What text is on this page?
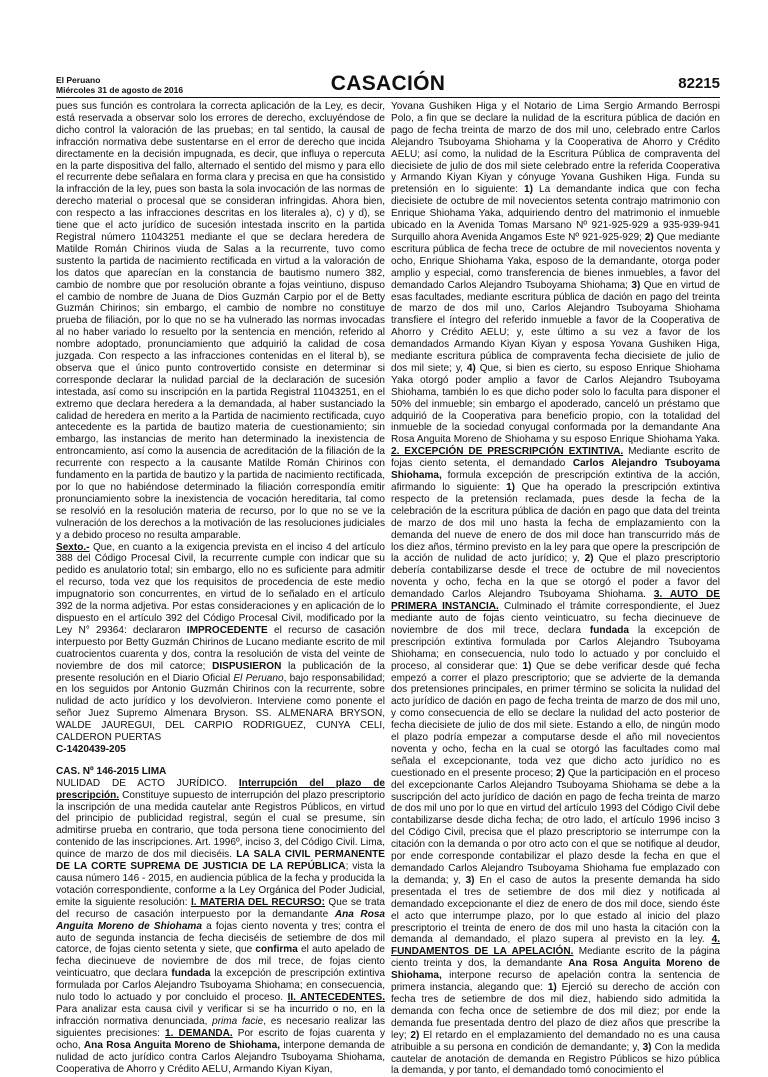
El Peruano
Miércoles 31 de agosto de 2016	CASACIÓN	82215

pues sus función es controlara la correcta aplicación de la Ley, es decir, está reservada a observar solo los errores de derecho, excluyéndose de dicho control la valoración de las pruebas; en tal sentido, la causal de infracción normativa debe sustentarse en el error de derecho que incida directamente en la decisión impugnada, es decir, que influya o repercuta en la parte dispositiva del fallo, alternado el sentido del mismo y para ello el recurrente debe señalara en forma clara y precisa en que ha consistido la infracción de la ley, pues son basta la sola invocación de las normas de derecho material o procesal que se consideran infringidas. Ahora bien, con respecto a las infracciones descritas en los literales a), c) y d), se tiene que el acto jurídico de sucesión intestada inscrito en la partida Registral número 11043251 mediante el que se declara heredera de Matilde Román Chirinos viuda de Salas a la recurrente, tuvo como sustento la partida de nacimiento rectificada en virtud a la valoración de los datos que aparecían en la constancia de bautismo numero 382, cambio de nombre que por resolución obrante a fojas veintiuno, dispuso el cambio de nombre de Juana de Dios Guzmán Carpio por el de Betty Guzmán Chirinos; sin embargo, el cambio de nombre no constituye prueba de filiación, por lo que no se ha vulnerado las normas invocadas al no haber variado lo resuelto por la sentencia en mención, referido al nombre adoptado, pronunciamiento que adquirió la calidad de cosa juzgada. Con respecto a las infracciones contenidas en el literal b), se observa que el único punto controvertido consiste en determinar si corresponde declarar la nulidad parcial de la declaración de sucesión intestada, así como su inscripción en la partida Registral 11043251, en el extremo que declara heredera a la demandada, al haber sustanciado la calidad de heredera en merito a la Partida de nacimiento rectificada, cuyo antecedente es la partida de bautizo materia de cuestionamiento; sin embargo, las instancias de merito han determinado la inexistencia de entroncamiento, así como la ausencia de acreditación de la filiación de la recurrente con respecto a la causante Matilde Román Chirinos con fundamento en la partida de bautizo y la partida de nacimiento rectificada, por lo que no habiéndose determinado la filiación correspondía emitir pronunciamiento sobre la inexistencia de vocación hereditaria, tal como se resolvió en la resolución materia de recurso, por lo que no se ve la vulneración de los derechos a la motivación de las resoluciones judiciales y a debido proceso no resulta amparable.

Sexto.- Que, en cuanto a la exigencia prevista en el inciso 4 del artículo 388 del Código Procesal Civil, la recurrente cumple con indicar que su pedido es anulatorio total; sin embargo, ello no es suficiente para admitir el recurso, toda vez que los requisitos de procedencia de este medio impugnatorio son concurrentes, en virtud de lo señalado en el artículo 392 de la norma adjetiva. Por estas consideraciones y en aplicación de lo dispuesto en el artículo 392 del Código Procesal Civil, modificado por la Ley N° 29364: declararon IMPROCEDENTE el recurso de casación interpuesto por Betty Guzmán Chirinos de Lucano mediante escrito de mil cuatrocientos cuarenta y dos, contra la resolución de vista del veinte de noviembre de dos mil catorce; DISPUSIERON la publicación de la presente resolución en el Diario Oficial El Peruano, bajo responsabilidad; en los seguidos por Antonio Guzmán Chirinos con la recurrente, sobre nulidad de acto jurídico y los devolvieron. Interviene como ponente el señor Juez Supremo Almenara Bryson. SS. ALMENARA BRYSON, WALDE JAUREGUI, DEL CARPIO RODRIGUEZ, CUNYA CELI, CALDERON PUERTAS

C-1420439-205

CAS. Nº 146-2015 LIMA

NULIDAD DE ACTO JURÍDICO. Interrupción del plazo de prescripción. Constituye supuesto de interrupción del plazo prescriptorio la inscripción de una medida cautelar ante Registros Públicos, en virtud del principio de publicidad registral, según el cual se presume, sin admitirse prueba en contrario, que toda persona tiene conocimiento del contenido de las inscripciones. Art. 1996º, inciso 3, del Código Civil. Lima, quince de marzo de dos mil dieciséis. LA SALA CIVIL PERMANENTE DE LA CORTE SUPREMA DE JUSTICIA DE LA REPÚBLICA; vista la causa número 146 - 2015, en audiencia pública de la fecha y producida la votación correspondiente, conforme a la Ley Orgánica del Poder Judicial, emite la siguiente resolución: I. MATERIA DEL RECURSO: Que se trata del recurso de casación interpuesto por la demandante Ana Rosa Anguita Moreno de Shiohama a fojas ciento noventa y tres; contra el auto de segunda instancia de fecha dieciséis de setiembre de dos mil catorce, de fojas ciento setenta y siete, que confirma el auto apelado de fecha diecinueve de noviembre de dos mil trece, de fojas ciento veinticuatro, que declara fundada la excepción de prescripción extintiva formulada por Carlos Alejandro Tsuboyama Shiohama; en consecuencia, nulo todo lo actuado y por concluido el proceso. II. ANTECEDENTES. Para analizar esta causa civil y verificar si se ha incurrido o no, en la infracción normativa denunciada, prima facie, es necesario realizar las siguientes precisiones: 1. DEMANDA. Por escrito de fojas cuarenta y ocho, Ana Rosa Anguita Moreno de Shiohama, interpone demanda de nulidad de acto jurídico contra Carlos Alejandro Tsuboyama Shiohama, Cooperativa de Ahorro y Crédito AELU, Armando Kiyan Kiyan,

Yovana Gushiken Higa y el Notario de Lima Sergio Armando Berrospi Polo, a fin que se declare la nulidad de la escritura pública de dación en pago de fecha treinta de marzo de dos mil uno, celebrado entre Carlos Alejandro Tsuboyama Shiohama y la Cooperativa de Ahorro y Crédito AELU; así como, la nulidad de la Escritura Pública de compraventa del diecisiete de julio de dos mil siete celebrado entre la referida Cooperativa y Armando Kiyan Kiyan y cónyuge Yovana Gushiken Higa. Funda su pretensión en lo siguiente: 1) La demandante indica que con fecha diecisiete de octubre de mil novecientos setenta contrajo matrimonio con Enrique Shiohama Yaka, adquiriendo dentro del matrimonio el inmueble ubicado en la Avenida Tomas Marsano Nº 921-925-929 a 935-939-941 Surquillo ahora Avenida Angamos Este Nº 921-925-929; 2) Que mediante escritura pública de fecha trece de octubre de mil novecientos noventa y ocho, Enrique Shiohama Yaka, esposo de la demandante, otorga poder amplio y especial, como transferencia de bienes inmuebles, a favor del demandado Carlos Alejandro Tsuboyama Shiohama; 3) Que en virtud de esas facultades, mediante escritura pública de dación en pago del treinta de marzo de dos mil uno, Carlos Alejandro Tsuboyama Shiohama transfiere el íntegro del referido inmueble a favor de la Cooperativa de Ahorro y Crédito AELU; y, este último a su vez a favor de los demandados Armando Kiyan Kiyan y esposa Yovana Gushiken Higa, mediante escritura pública de compraventa fecha diecisiete de julio de dos mil siete; y, 4) Que, si bien es cierto, su esposo Enrique Shiohama Yaka otorgó poder amplio a favor de Carlos Alejandro Tsuboyama Shiohama, también lo es que dicho poder solo lo faculta para disponer el 50% del inmueble; sin embargo el apoderado, canceló un préstamo que adquirió de la Cooperativa para beneficio propio, con la totalidad del inmueble de la sociedad conyugal conformada por la demandante Ana Rosa Anguita Moreno de Shiohama y su esposo Enrique Shiohama Yaka. 2. EXCEPCIÓN DE PRESCRIPCIÓN EXTINTIVA. Mediante escrito de fojas ciento setenta, el demandado Carlos Alejandro Tsuboyama Shiohama, formula excepción de prescripción extintiva de la acción, afirmando lo siguiente: 1) Que ha operado la prescripción extintiva respecto de la pretensión reclamada, pues desde la fecha de la celebración de la escritura pública de dación en pago que data del treinta de marzo de dos mil uno hasta la fecha de emplazamiento con la demanda del nueve de enero de dos mil doce han transcurrido más de los diez años, término previsto en la ley para que opere la prescripción de la acción de nulidad de acto jurídico; y, 2) Que el plazo prescriptorio debería contabilizarse desde el trece de octubre de mil novecientos noventa y ocho, fecha en la que se otorgó el poder a favor del demandado Carlos Alejandro Tsuboyama Shiohama. 3. AUTO DE PRIMERA INSTANCIA. Culminado el trámite correspondiente, el Juez mediante auto de fojas ciento veinticuatro, su fecha diecinueve de noviembre de dos mil trece, declara fundada la excepción de prescripción extintiva formulada por Carlos Alejandro Tsuboyama Shiohama; en consecuencia, nulo todo lo actuado y por concluido el proceso, al considerar que: 1) Que se debe verificar desde qué fecha empezó a correr el plazo prescriptorio; que se advierte de la demanda dos pretensiones principales, en primer término se solicita la nulidad del acto jurídico de dación en pago de fecha treinta de marzo de dos mil uno, y como consecuencia de ello se declare la nulidad del acto posterior de fecha diecisiete de julio de dos mil siete. Estando a ello, de ningún modo el plazo podría empezar a computarse desde el año mil novecientos noventa y ocho, fecha en la cual se otorgó las facultades como mal señala el excepcionante, toda vez que dicho acto jurídico no es cuestionado en el presente proceso; 2) Que la participación en el proceso del excepcionante Carlos Alejandro Tsuboyama Shiohama se debe a la suscripción del acto jurídico de dación en pago de fecha treinta de marzo de dos mil uno por lo que en virtud del artículo 1993 del Código Civil debe contabilizarse desde dicha fecha; de otro lado, el artículo 1996 inciso 3 del Código Civil, precisa que el plazo prescriptorio se interrumpe con la citación con la demanda o por otro acto con el que se notifique al deudor, por ende corresponde contabilizar el plazo desde la fecha en que el demandado Carlos Alejandro Tsuboyama Shiohama fue emplazado con la demanda; y, 3) En el caso de autos la presente demanda ha sido presentada el tres de setiembre de dos mil diez y notificada al demandado excepcionante el diez de enero de dos mil doce, siendo éste el acto que interrumpe plazo, por lo que estado al inicio del plazo prescriptorio el treinta de enero de dos mil uno hasta la citación con la demanda al demandado, el plazo supera al previsto en la ley. 4. FUNDAMENTOS DE LA APELACIÓN. Mediante escrito de la página ciento treinta y dos, la demandante Ana Rosa Anguita Moreno de Shiohama, interpone recurso de apelación contra la sentencia de primera instancia, alegando que: 1) Ejerció su derecho de acción con fecha tres de setiembre de dos mil diez, habiendo sido admitida la demanda con fecha once de setiembre de dos mil diez; por ende la demanda fue presentada dentro del plazo de diez años que prescribe la ley; 2) El retardo en el emplazamiento del demandado no es una causa atribuible a su persona en condición de demandante; y, 3) Con la medida cautelar de anotación de demanda en Registro Públicos se hizo pública la demanda, y por tanto, el demandado tomó conocimiento el
